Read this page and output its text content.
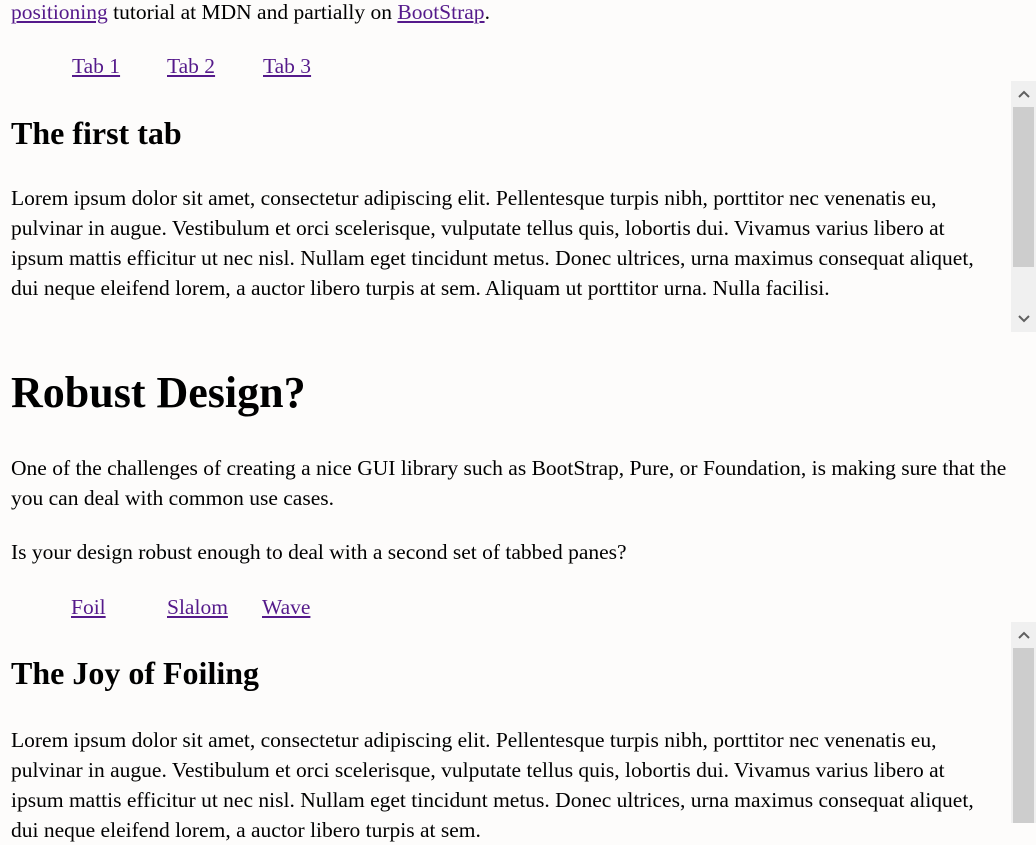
positioning tutorial at MDN and partially on BootStrap.
Tab 1 Tab 2 Tab 3
The first tab

Lorem ipsum dolor sit amet, consectetur adipiscing elit. Pellentesque turpis nibh, porttitor nec venenatis eu, pulvinar in augue. Vestibulum et orci scelerisque, vulputate tellus quis, lobortis dui. Vivamus varius libero at ipsum mattis efficitur ut nec nisl. Nullam eget tincidunt metus. Donec ultrices, urna maximus consequat aliquet, dui neque eleifend lorem, a auctor libero turpis at sem. Aliquam ut porttitor urna. Nulla facilisi.

Robust Design?

One of the challenges of creating a nice GUI library such as BootStrap, Pure, or Foundation, is making sure that the you can deal with common use cases.

Is your design robust enough to deal with a second set of tabbed panes?

Foil	Slalom Wave
The Joy of Foiling

Lorem ipsum dolor sit amet, consectetur adipiscing elit. Pellentesque turpis nibh, porttitor nec venenatis eu, pulvinar in augue. Vestibulum et orci scelerisque, vulputate tellus quis, lobortis dui. Vivamus varius libero at ipsum mattis efficitur ut nec nisl. Nullam eget tincidunt metus. Donec ultrices, urna maximus consequat aliquet, dui neque eleifend lorem, a auctor libero turpis at sem.
